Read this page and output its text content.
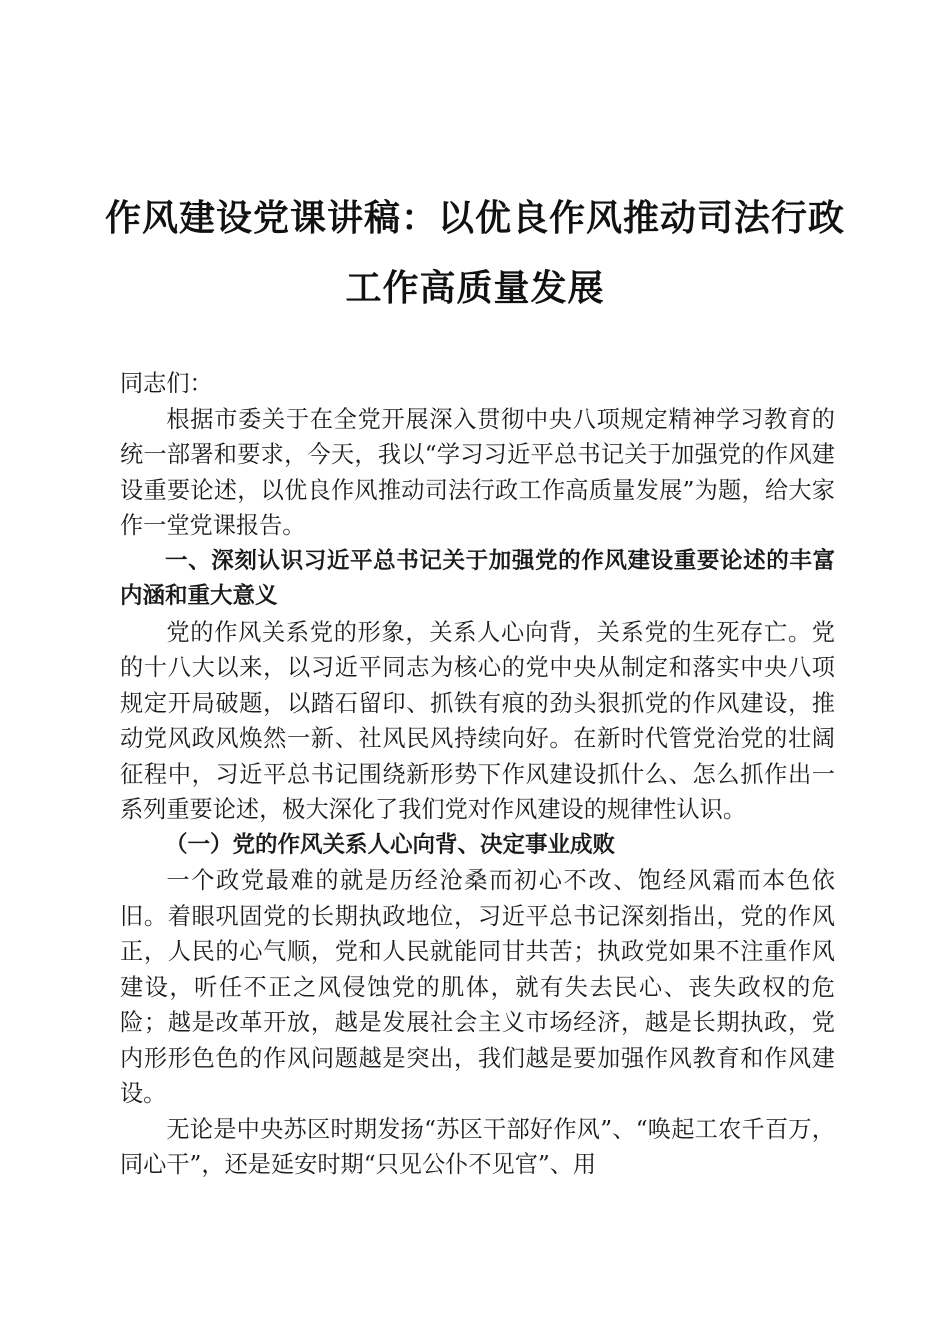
作风建设党课讲稿：以优良作风推动司法行政
工作高质量发展

同志们：

根据市委关于在全党开展深入贯彻中央八项规定精神学习教育的统一部署和要求，今天，我以“学习习近平总书记关于加强党的作风建设重要论述，以优良作风推动司法行政工作高质量发展”为题，给大家作一堂党课报告。

一、深刻认识习近平总书记关于加强党的作风建设重要论述的丰富内涵和重大意义

党的作风关系党的形象，关系人心向背，关系党的生死存亡。党的十八大以来，以习近平同志为核心的党中央从制定和落实中央八项规定开局破题，以踏石留印、抓铁有痕的劲头狠抓党的作风建设，推动党风政风焕然一新、社风民风持续向好。在新时代管党治党的壮阔征程中，习近平总书记围绕新形势下作风建设抓什么、怎么抓作出一系列重要论述，极大深化了我们党对作风建设的规律性认识。

（一）党的作风关系人心向背、决定事业成败

一个政党最难的就是历经沧桑而初心不改、饱经风霜而本色依旧。着眼巩固党的长期执政地位，习近平总书记深刻指出，党的作风正，人民的心气顺，党和人民就能同甘共苦；执政党如果不注重作风建设，听任不正之风侵蚀党的肌体，就有失去民心、丧失政权的危险；越是改革开放，越是发展社会主义市场经济，越是长期执政，党内形形色色的作风问题越是突出，我们越是要加强作风教育和作风建设。

无论是中央苏区时期发扬“苏区干部好作风”、“唤起工农千百万，同心干”，还是延安时期“只见公仆不见官”、用
